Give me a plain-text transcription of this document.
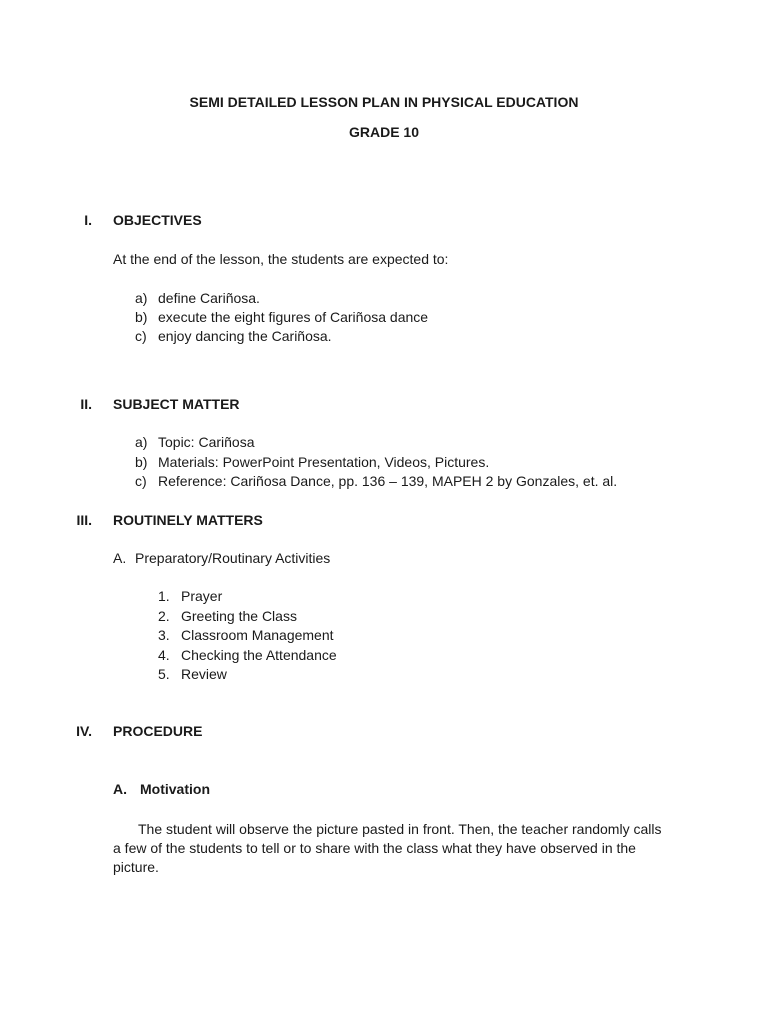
SEMI DETAILED LESSON PLAN IN PHYSICAL EDUCATION
GRADE 10
I. OBJECTIVES
At the end of the lesson, the students are expected to:
a) define Cariñosa.
b) execute the eight figures of Cariñosa dance
c) enjoy dancing the Cariñosa.
II. SUBJECT MATTER
a) Topic: Cariñosa
b) Materials: PowerPoint Presentation, Videos, Pictures.
c) Reference: Cariñosa Dance, pp. 136 – 139, MAPEH 2 by Gonzales, et. al.
III. ROUTINELY MATTERS
A. Preparatory/Routinary Activities
1. Prayer
2. Greeting the Class
3. Classroom Management
4. Checking the Attendance
5. Review
IV. PROCEDURE
A. Motivation
The student will observe the picture pasted in front. Then, the teacher randomly calls a few of the students to tell or to share with the class what they have observed in the picture.
